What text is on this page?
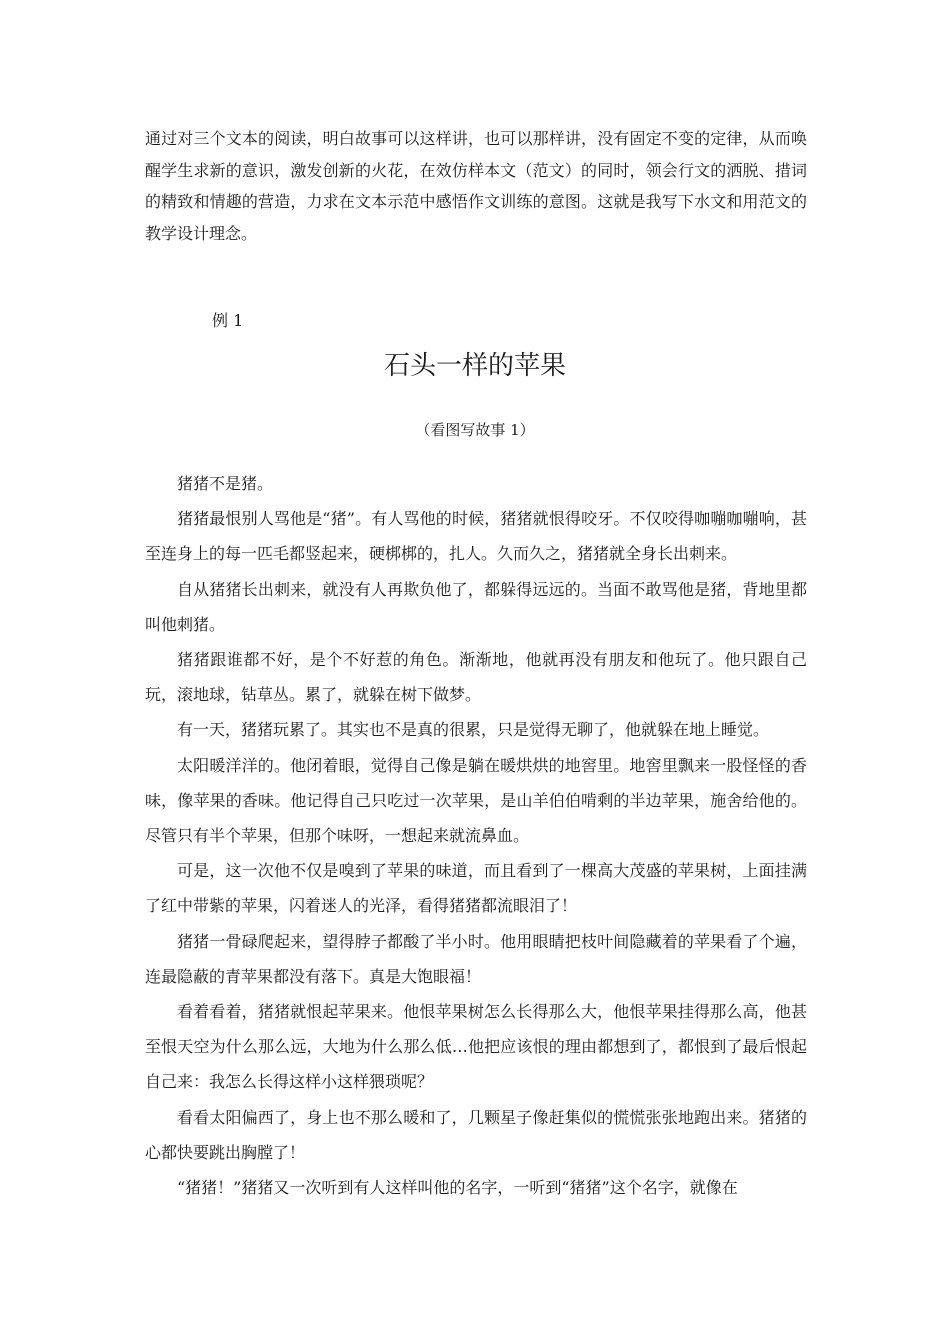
通过对三个文本的阅读，明白故事可以这样讲，也可以那样讲，没有固定不变的定律，从而唤醒学生求新的意识，激发创新的火花，在效仿样本文（范文）的同时，领会行文的洒脱、措词的精致和情趣的营造，力求在文本示范中感悟作文训练的意图。这就是我写下水文和用范文的教学设计理念。

例 1

石头一样的苹果

（看图写故事 1）

猪猪不是猪。

猪猪最恨别人骂他是“猪”。有人骂他的时候，猪猪就恨得咬牙。不仅咬得咖嘣咖嘣响，甚至连身上的每一匹毛都竖起来，硬梆梆的，扎人。久而久之，猪猪就全身长出刺来。

自从猪猪长出刺来，就没有人再欺负他了，都躲得远远的。当面不敢骂他是猪，背地里都叫他刺猪。

猪猪跟谁都不好，是个不好惹的角色。渐渐地，他就再没有朋友和他玩了。他只跟自己玩，滚地球，钻草丛。累了，就躲在树下做梦。

有一天，猪猪玩累了。其实也不是真的很累，只是觉得无聊了，他就躲在地上睡觉。

太阳暖洋洋的。他闭着眼，觉得自己像是躺在暖烘烘的地窖里。地窖里飘来一股怪怪的香味，像苹果的香味。他记得自己只吃过一次苹果，是山羊伯伯啃剩的半边苹果，施舍给他的。尽管只有半个苹果，但那个味呀，一想起来就流鼻血。

可是，这一次他不仅是嗅到了苹果的味道，而且看到了一棵高大茂盛的苹果树，上面挂满了红中带紫的苹果，闪着迷人的光泽，看得猪猪都流眼泪了！

猪猪一骨碌爬起来，望得脖子都酸了半小时。他用眼睛把枝叶间隐藏着的苹果看了个遍，连最隐蔽的青苹果都没有落下。真是大饱眼福！

看着看着，猪猪就恨起苹果来。他恨苹果树怎么长得那么大，他恨苹果挂得那么高，他甚至恨天空为什么那么远，大地为什么那么低…他把应该恨的理由都想到了，都恨到了最后恨起自己来：我怎么长得这样小这样猥琐呢？

看看太阳偏西了，身上也不那么暖和了，几颗星子像赶集似的慌慌张张地跑出来。猪猪的心都快要跳出胸膛了！

“猪猪！”猪猪又一次听到有人这样叫他的名字，一听到“猪猪”这个名字，就像在
